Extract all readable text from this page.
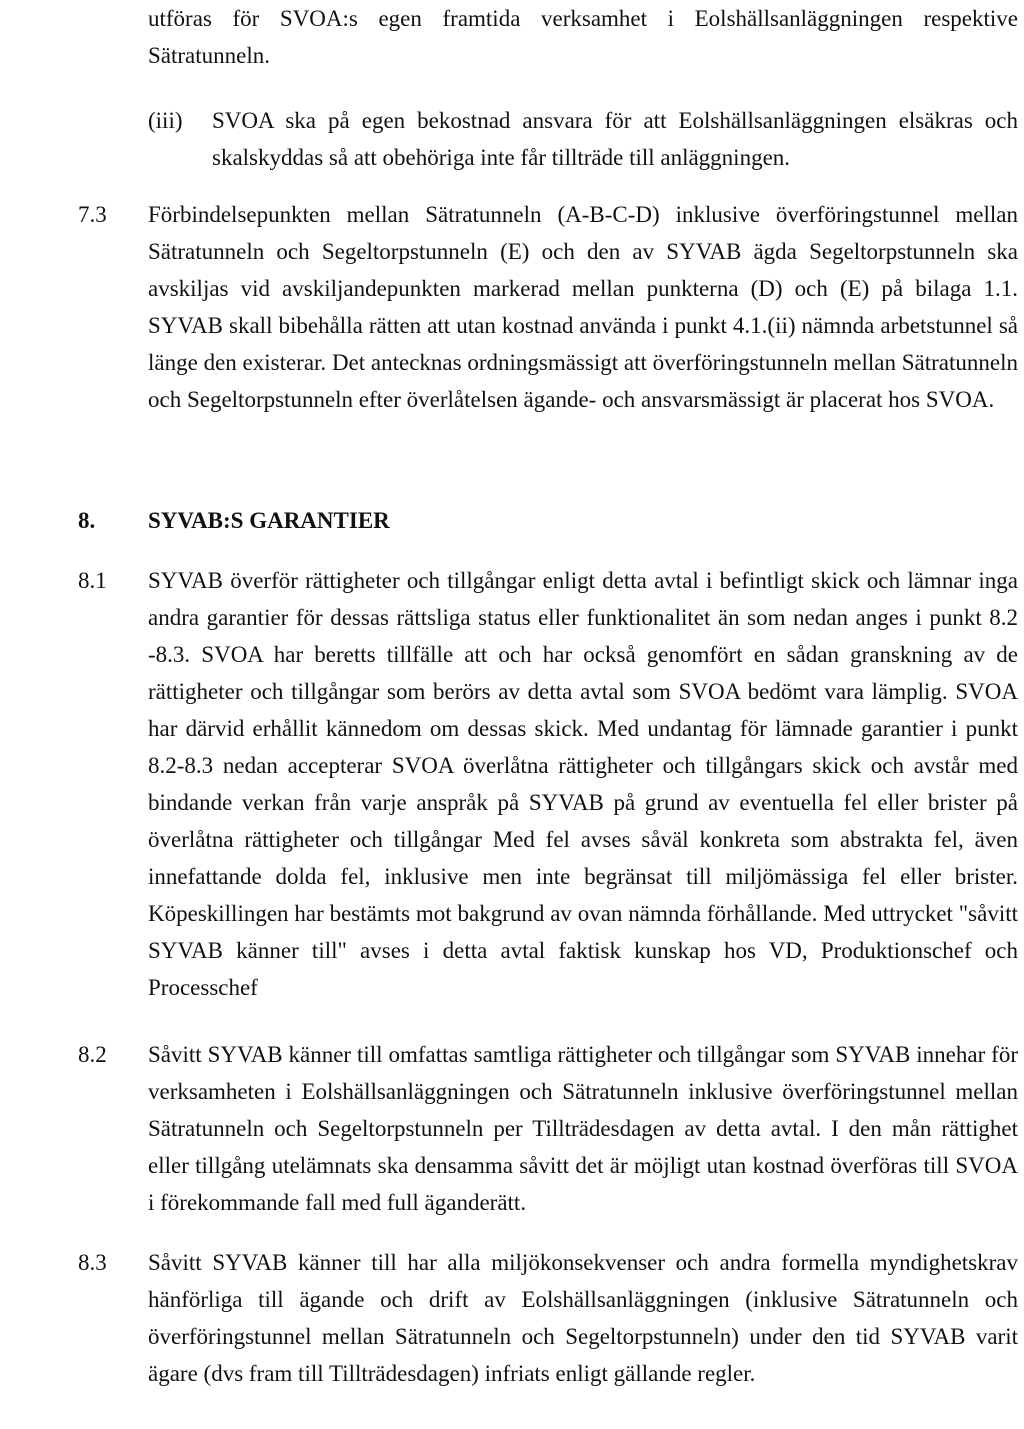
utföras för SVOA:s egen framtida verksamhet i Eolshällsanläggningen respektive Sätratunneln.
(iii) SVOA ska på egen bekostnad ansvara för att Eolshällsanläggningen elsäkras och skalskyddas så att obehöriga inte får tillträde till anläggningen.
7.3 Förbindelsepunkten mellan Sätratunneln (A-B-C-D) inklusive överföringstunnel mellan Sätratunneln och Segeltorpstunneln (E) och den av SYVAB ägda Segeltorpstunneln ska avskiljas vid avskiljandepunkten markerad mellan punkterna (D) och (E) på bilaga 1.1. SYVAB skall bibehålla rätten att utan kostnad använda i punkt 4.1.(ii) nämnda arbetstunnel så länge den existerar. Det antecknas ordningsmässigt att överföringstunneln mellan Sätratunneln och Segeltorpstunneln efter överlåtelsen ägande- och ansvarsmässigt är placerat hos SVOA.
8. SYVAB:S GARANTIER
8.1 SYVAB överför rättigheter och tillgångar enligt detta avtal i befintligt skick och lämnar inga andra garantier för dessas rättsliga status eller funktionalitet än som nedan anges i punkt 8.2 -8.3. SVOA har beretts tillfälle att och har också genomfört en sådan granskning av de rättigheter och tillgångar som berörs av detta avtal som SVOA bedömt vara lämplig. SVOA har därvid erhållit kännedom om dessas skick. Med undantag för lämnade garantier i punkt 8.2-8.3 nedan accepterar SVOA överlåtna rättigheter och tillgångars skick och avstår med bindande verkan från varje anspråk på SYVAB på grund av eventuella fel eller brister på överlåtna rättigheter och tillgångar Med fel avses såväl konkreta som abstrakta fel, även innefattande dolda fel, inklusive men inte begränsat till miljömässiga fel eller brister. Köpeskillingen har bestämts mot bakgrund av ovan nämnda förhållande. Med uttrycket "såvitt SYVAB känner till" avses i detta avtal faktisk kunskap hos VD, Produktionschef och Processchef
8.2 Såvitt SYVAB känner till omfattas samtliga rättigheter och tillgångar som SYVAB innehar för verksamheten i Eolshällsanläggningen och Sätratunneln inklusive överföringstunnel mellan Sätratunneln och Segeltorpstunneln per Tillträdesdagen av detta avtal. I den mån rättighet eller tillgång utelämnats ska densamma såvitt det är möjligt utan kostnad överföras till SVOA i förekommande fall med full äganderätt.
8.3 Såvitt SYVAB känner till har alla miljökonsekvenser och andra formella myndighetskrav hänförliga till ägande och drift av Eolshällsanläggningen (inklusive Sätratunneln och överföringstunnel mellan Sätratunneln och Segeltorpstunneln) under den tid SYVAB varit ägare (dvs fram till Tillträdesdagen) infriats enligt gällande regler.
